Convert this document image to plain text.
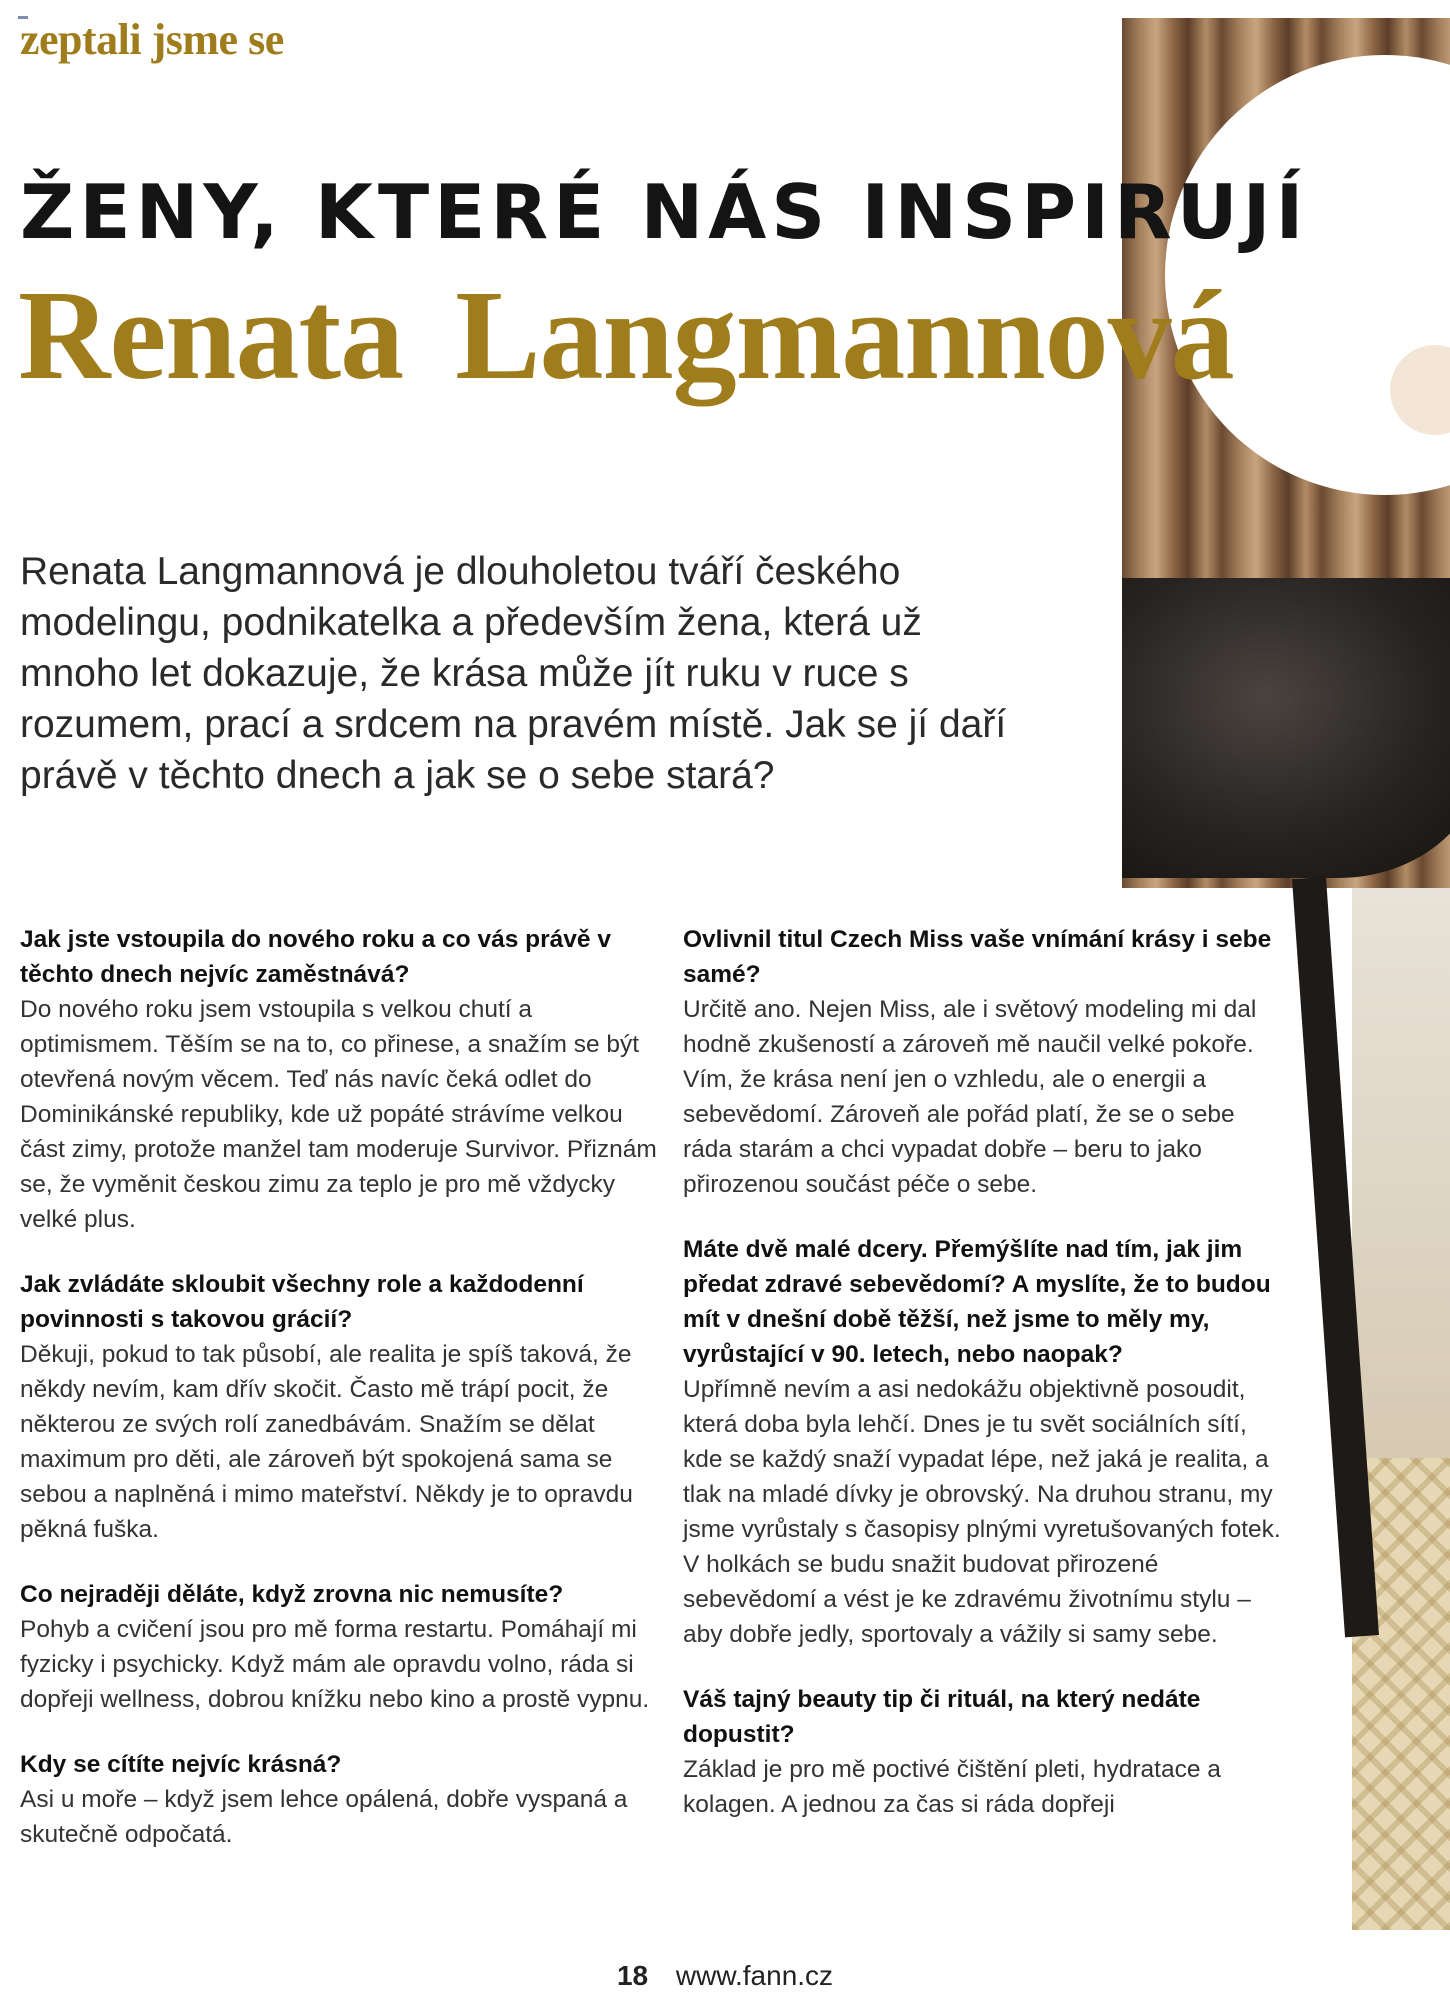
zeptali jsme se
ŽENY, KTERÉ NÁS INSPIRUJÍ
Renata Langmannová

Renata Langmannová je dlouholetou tváří českého modelingu, podnikatelka a především žena, která už mnoho let dokazuje, že krása může jít ruku v ruce s rozumem, prací a srdcem na pravém místě. Jak se jí daří právě v těchto dnech a jak se o sebe stará?

Jak jste vstoupila do nového roku a co vás právě v těchto dnech nejvíc zaměstnává?

Do nového roku jsem vstoupila s velkou chutí a optimismem. Těším se na to, co přinese, a snažím se být otevřená novým věcem. Teď nás navíc čeká odlet do Dominikánské republiky, kde už popáté strávíme velkou část zimy, protože manžel tam moderuje Survivor. Přiznám se, že vyměnit českou zimu za teplo je pro mě vždycky velké plus.

Jak zvládáte skloubit všechny role a každodenní povinnosti s takovou grácií?

Děkuji, pokud to tak působí, ale realita je spíš taková, že někdy nevím, kam dřív skočit. Často mě trápí pocit, že některou ze svých rolí zanedbávám. Snažím se dělat maximum pro děti, ale zároveň být spokojená sama se sebou a naplněná i mimo mateřství. Někdy je to opravdu pěkná fuška.

Co nejraději děláte, když zrovna nic nemusíte?

Pohyb a cvičení jsou pro mě forma restartu. Pomáhají mi fyzicky i psychicky. Když mám ale opravdu volno, ráda si dopřeji wellness, dobrou knížku nebo kino a prostě vypnu.

Kdy se cítíte nejvíc krásná?

Asi u moře – když jsem lehce opálená, dobře vyspaná a skutečně odpočatá.

Ovlivnil titul Czech Miss vaše vnímání krásy i sebe samé?

Určitě ano. Nejen Miss, ale i světový modeling mi dal hodně zkušeností a zároveň mě naučil velké pokoře. Vím, že krása není jen o vzhledu, ale o energii a sebevědomí. Zároveň ale pořád platí, že se o sebe ráda starám a chci vypadat dobře – beru to jako přirozenou součást péče o sebe.

Máte dvě malé dcery. Přemýšlíte nad tím, jak jim předat zdravé sebevědomí? A myslíte, že to budou mít v dnešní době těžší, než jsme to měly my, vyrůstající v 90. letech, nebo naopak?

Upřímně nevím a asi nedokážu objektivně posoudit, která doba byla lehčí. Dnes je tu svět sociálních sítí, kde se každý snaží vypadat lépe, než jaká je realita, a tlak na mladé dívky je obrovský. Na druhou stranu, my jsme vyrůstaly s časopisy plnými vyretušovaných fotek. V holkách se budu snažit budovat přirozené sebevědomí a vést je ke zdravému životnímu stylu – aby dobře jedly, sportovaly a vážily si samy sebe.

Váš tajný beauty tip či rituál, na který nedáte dopustit?

Základ je pro mě poctivé čištění pleti, hydratace a kolagen. A jednou za čas si ráda dopřeji

18 www.fann.cz
